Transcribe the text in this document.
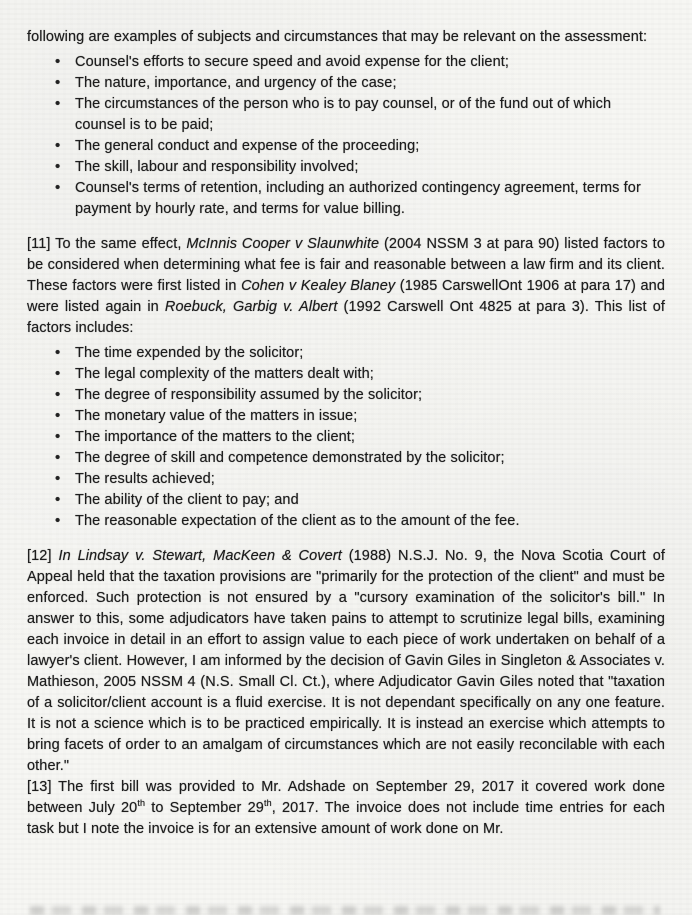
following are examples of subjects and circumstances that may be relevant on the assessment:

• Counsel's efforts to secure speed and avoid expense for the client;
• The nature, importance, and urgency of the case;
• The circumstances of the person who is to pay counsel, or of the fund out of which counsel is to be paid;
• The general conduct and expense of the proceeding;
• The skill, labour and responsibility involved;
• Counsel's terms of retention, including an authorized contingency agreement, terms for payment by hourly rate, and terms for value billing.

[11] To the same effect, McInnis Cooper v Slaunwhite (2004 NSSM 3 at para 90) listed factors to be considered when determining what fee is fair and reasonable between a law firm and its client. These factors were first listed in Cohen v Kealey Blaney (1985 CarswellOnt 1906 at para 17) and were listed again in Roebuck, Garbig v. Albert (1992 Carswell Ont 4825 at para 3). This list of factors includes:

• The time expended by the solicitor;
• The legal complexity of the matters dealt with;
• The degree of responsibility assumed by the solicitor;
• The monetary value of the matters in issue;
• The importance of the matters to the client;
• The degree of skill and competence demonstrated by the solicitor;
• The results achieved;
• The ability of the client to pay; and
• The reasonable expectation of the client as to the amount of the fee.

[12] In Lindsay v. Stewart, MacKeen & Covert (1988) N.S.J. No. 9, the Nova Scotia Court of Appeal held that the taxation provisions are "primarily for the protection of the client" and must be enforced. Such protection is not ensured by a "cursory examination of the solicitor's bill." In answer to this, some adjudicators have taken pains to attempt to scrutinize legal bills, examining each invoice in detail in an effort to assign value to each piece of work undertaken on behalf of a lawyer's client. However, I am informed by the decision of Gavin Giles in Singleton & Associates v. Mathieson, 2005 NSSM 4 (N.S. Small Cl. Ct.), where Adjudicator Gavin Giles noted that "taxation of a solicitor/client account is a fluid exercise. It is not dependant specifically on any one feature. It is not a science which is to be practiced empirically. It is instead an exercise which attempts to bring facets of order to an amalgam of circumstances which are not easily reconcilable with each other."

[13] The first bill was provided to Mr. Adshade on September 29, 2017 it covered work done between July 20th to September 29th, 2017. The invoice does not include time entries for each task but I note the invoice is for an extensive amount of work done on Mr.
